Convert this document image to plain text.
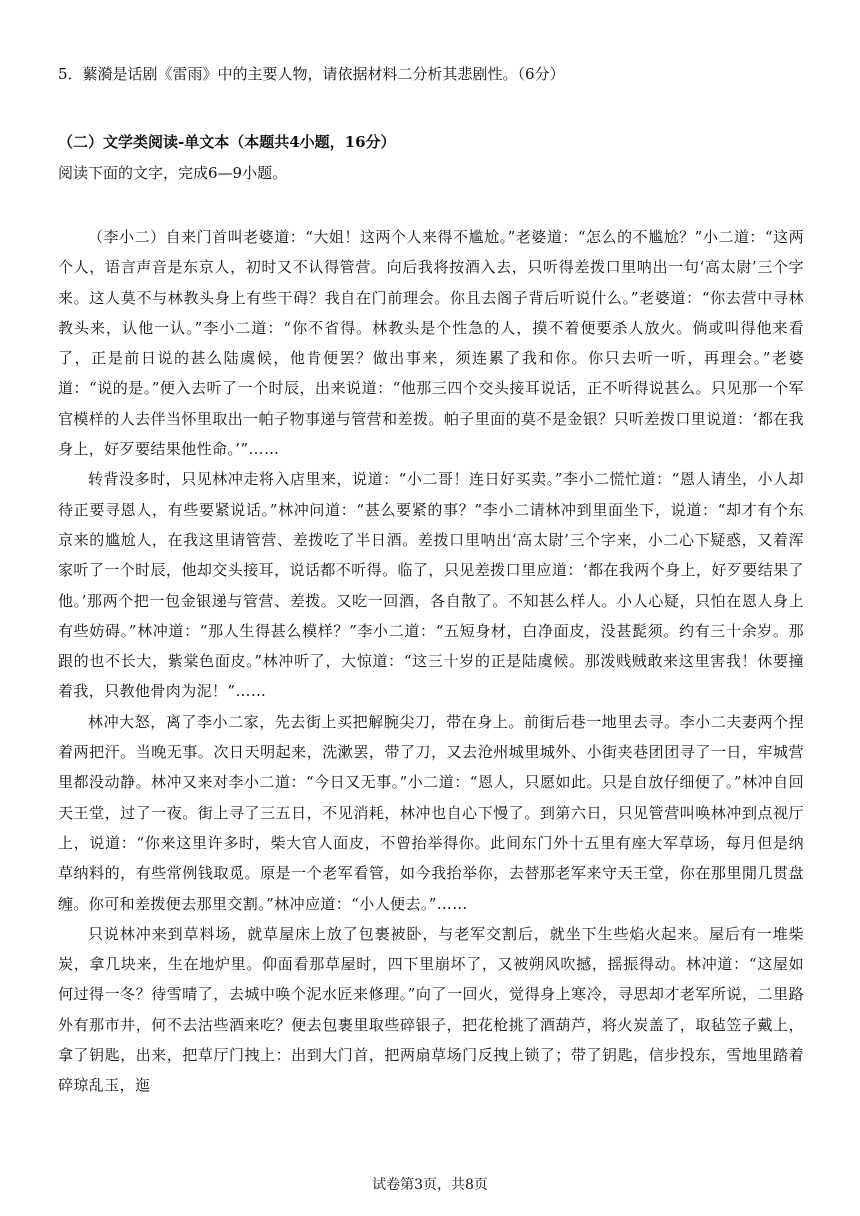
5．蘩漪是话剧《雷雨》中的主要人物，请依据材料二分析其悲剧性。（6分）
（二）文学类阅读-单文本（本题共4小题，16分）
阅读下面的文字，完成6—9小题。

（李小二）自来门首叫老婆道：“大姐！这两个人来得不尴尬。”老婆道：“怎么的不尴尬？”小二道：“这两个人，语言声音是东京人，初时又不认得管营。向后我将按酒入去，只听得差拨口里呐出一句‘高太尉’三个字来。这人莫不与林教头身上有些干碍？我自在门前理会。你且去阁子背后听说什么。”老婆道：“你去营中寻林教头来，认他一认。”李小二道：“你不省得。林教头是个性急的人，摸不着便要杀人放火。倘或叫得他来看了，正是前日说的甚么陆虞候，他肯便罢？做出事来，须连累了我和你。你只去听一听，再理会。”老婆道：“说的是。”便入去听了一个时辰，出来说道：“他那三四个交头接耳说话，正不听得说甚么。只见那一个军官模样的人去伴当怀里取出一帕子物事递与管营和差拨。帕子里面的莫不是金银？只听差拨口里说道：‘都在我身上，好歹要结果他性命。’”……

转背没多时，只见林冲走将入店里来，说道：“小二哥！连日好买卖。”李小二慌忙道：“恩人请坐，小人却待正要寻恩人，有些要紧说话。”林冲问道：“甚么要紧的事？”李小二请林冲到里面坐下，说道：“却才有个东京来的尴尬人，在我这里请管营、差拨吃了半日酒。差拨口里呐出‘高太尉’三个字来，小二心下疑惑，又着浑家听了一个时辰，他却交头接耳，说话都不听得。临了，只见差拨口里应道：‘都在我两个身上，好歹要结果了他。’那两个把一包金银递与管营、差拨。又吃一回酒，各自散了。不知甚么样人。小人心疑，只怕在恩人身上有些妨碍。”林冲道：“那人生得甚么模样？”李小二道：“五短身材，白净面皮，没甚髭须。约有三十余岁。那跟的也不长大，紫棠色面皮。”林冲听了，大惊道：“这三十岁的正是陆虞候。那泼贱贼敢来这里害我！休要撞着我，只教他骨肉为泥！”……

林冲大怒，离了李小二家，先去街上买把解腕尖刀，带在身上。前街后巷一地里去寻。李小二夫妻两个捏着两把汗。当晚无事。次日天明起来，洗漱罢，带了刀，又去沧州城里城外、小街夹巷团团寻了一日，牢城营里都没动静。林冲又来对李小二道：“今日又无事。”小二道：“恩人，只愿如此。只是自放仔细便了。”林冲自回天王堂，过了一夜。街上寻了三五日，不见消耗，林冲也自心下慢了。到第六日，只见管营叫唤林冲到点视厅上，说道：“你来这里许多时，柴大官人面皮，不曾抬举得你。此间东门外十五里有座大军草场，每月但是纳草纳料的，有些常例钱取觅。原是一个老军看管，如今我抬举你，去替那老军来守天王堂，你在那里閒几贯盘缠。你可和差拨便去那里交割。”林冲应道：“小人便去。”……

只说林冲来到草料场，就草屋床上放了包裹被卧，与老军交割后，就坐下生些焰火起来。屋后有一堆柴炭，拿几块来，生在地炉里。仰面看那草屋时，四下里崩坏了，又被朔风吹撼，摇振得动。林冲道：“这屋如何过得一冬？待雪晴了，去城中唤个泥水匠来修理。”向了一回火，觉得身上寒冷，寻思却才老军所说，二里路外有那市井，何不去沽些酒来吃？便去包裹里取些碎银子，把花枪挑了酒葫芦，将火炭盖了，取毡笠子戴上，拿了钥匙，出来，把草厅门拽上：出到大门首，把两扇草场门反拽上锁了；带了钥匙，信步投东，雪地里踏着碎琼乱玉，迤

试卷第3页，共8页
